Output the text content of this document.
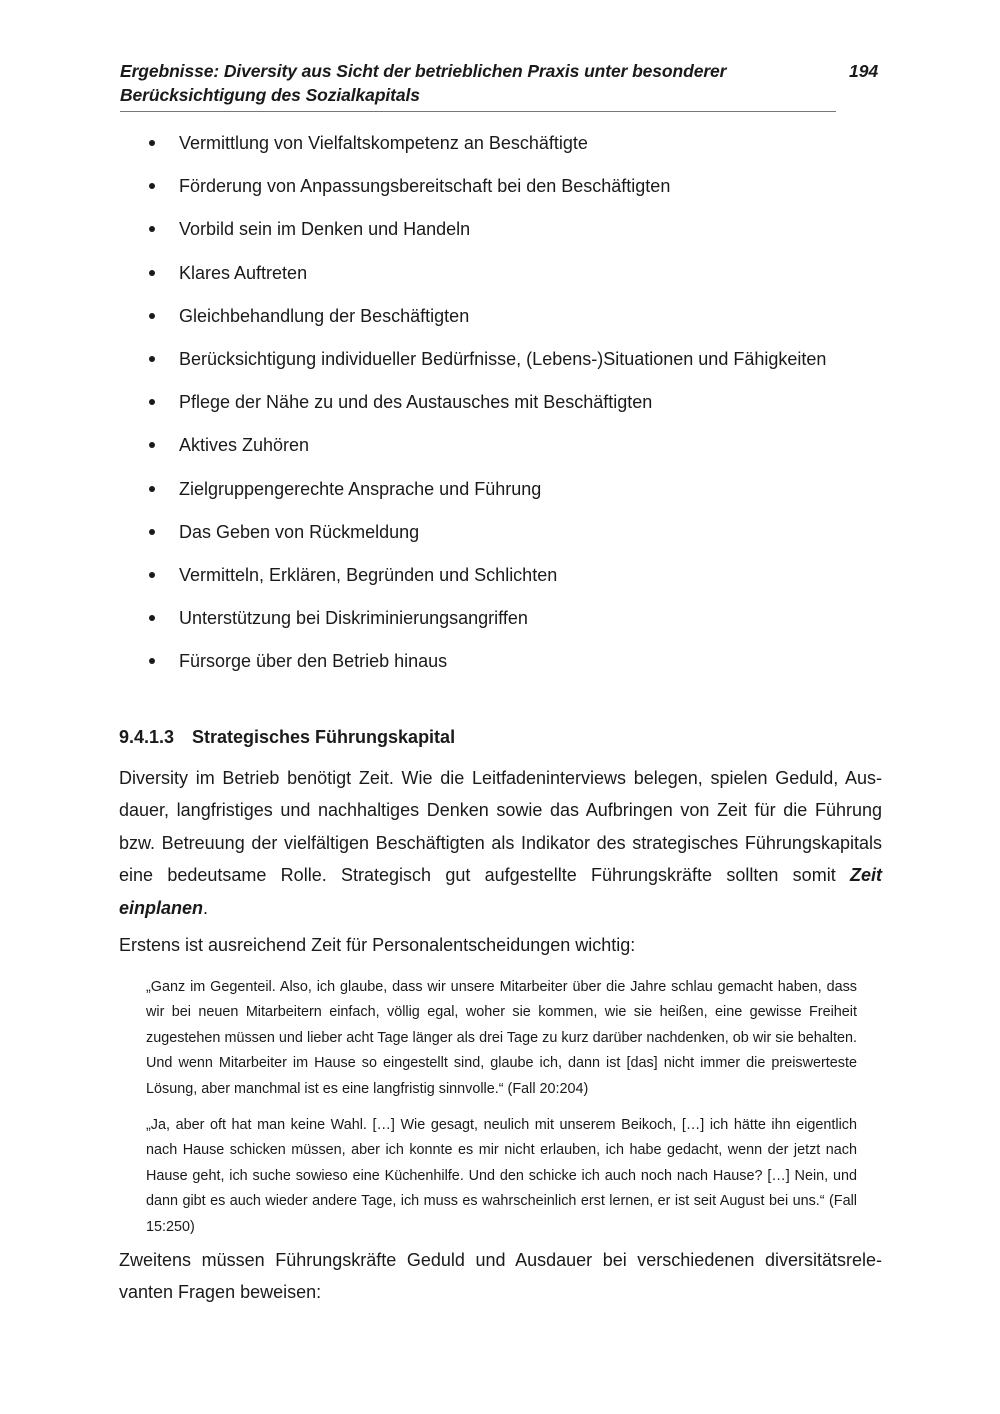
Ergebnisse: Diversity aus Sicht der betrieblichen Praxis unter besonderer Berücksichtigung des Sozialkapitals

194
Vermittlung von Vielfaltskompetenz an Beschäftigte
Förderung von Anpassungsbereitschaft bei den Beschäftigten
Vorbild sein im Denken und Handeln
Klares Auftreten
Gleichbehandlung der Beschäftigten
Berücksichtigung individueller Bedürfnisse, (Lebens-)Situationen und Fähigkeiten
Pflege der Nähe zu und des Austausches mit Beschäftigten
Aktives Zuhören
Zielgruppengerechte Ansprache und Führung
Das Geben von Rückmeldung
Vermitteln, Erklären, Begründen und Schlichten
Unterstützung bei Diskriminierungsangriffen
Fürsorge über den Betrieb hinaus
9.4.1.3 Strategisches Führungskapital

Diversity im Betrieb benötigt Zeit. Wie die Leitfadeninterviews belegen, spielen Geduld, Ausdauer, langfristiges und nachhaltiges Denken sowie das Aufbringen von Zeit für die Führung bzw. Betreuung der vielfältigen Beschäftigten als Indikator des strategisches Führungskapitals eine bedeutsame Rolle. Strategisch gut aufgestellte Führungskräfte sollten somit Zeit einplanen.

Erstens ist ausreichend Zeit für Personalentscheidungen wichtig:

„Ganz im Gegenteil. Also, ich glaube, dass wir unsere Mitarbeiter über die Jahre schlau gemacht haben, dass wir bei neuen Mitarbeitern einfach, völlig egal, woher sie kommen, wie sie heißen, eine gewisse Freiheit zugestehen müssen und lieber acht Tage länger als drei Tage zu kurz darüber nachdenken, ob wir sie behalten. Und wenn Mitarbeiter im Hause so eingestellt sind, glaube ich, dann ist [das] nicht immer die preiswerteste Lösung, aber manchmal ist es eine langfristig sinnvolle.“ (Fall 20:204)

„Ja, aber oft hat man keine Wahl. […] Wie gesagt, neulich mit unserem Beikoch, […] ich hätte ihn eigentlich nach Hause schicken müssen, aber ich konnte es mir nicht erlauben, ich habe gedacht, wenn der jetzt nach Hause geht, ich suche sowieso eine Küchenhilfe. Und den schicke ich auch noch nach Hause? […] Nein, und dann gibt es auch wieder andere Tage, ich muss es wahrscheinlich erst lernen, er ist seit August bei uns.“ (Fall 15:250)

Zweitens müssen Führungskräfte Geduld und Ausdauer bei verschiedenen diversitätsrelevanten Fragen beweisen:
